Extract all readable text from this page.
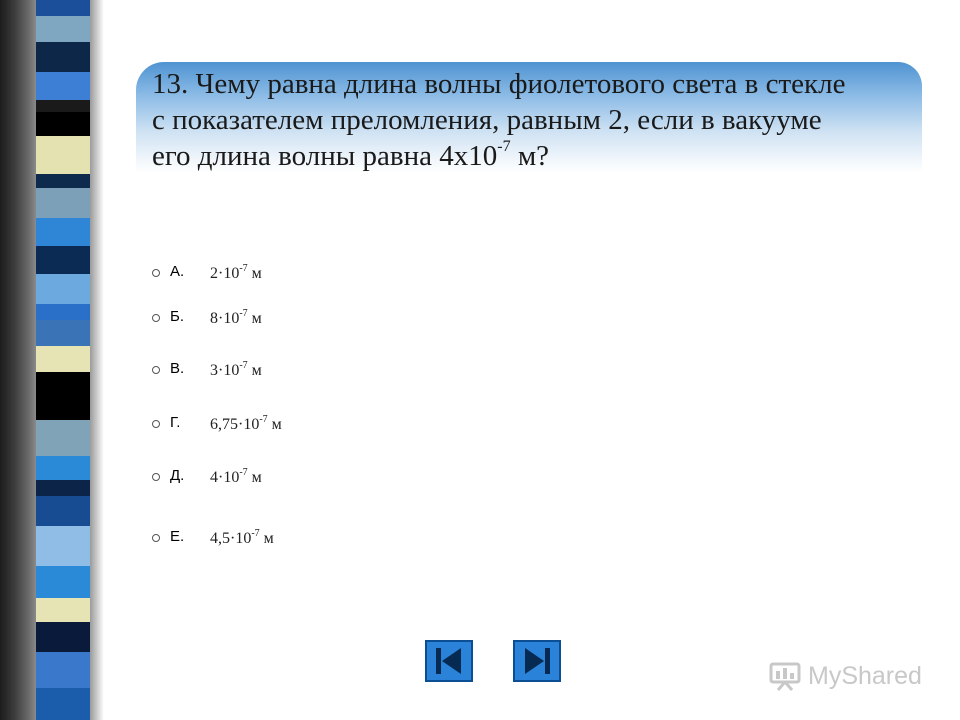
13. Чему равна длина волны фиолетового света в стекле
с показателем преломления, равным 2, если в вакууме
его длина волны равна $4х10^{-7}$ м?
А. $2\cdot 10^{-7}$ м
Б. $8\cdot 10^{-7}$ м
В. $3\cdot 10^{-7}$ м
Г. $6,75\cdot 10^{-7}$ м
Д. $4\cdot 10^{-7}$ м
Е. $4,5\cdot 10^{-7}$ м
MyShared
